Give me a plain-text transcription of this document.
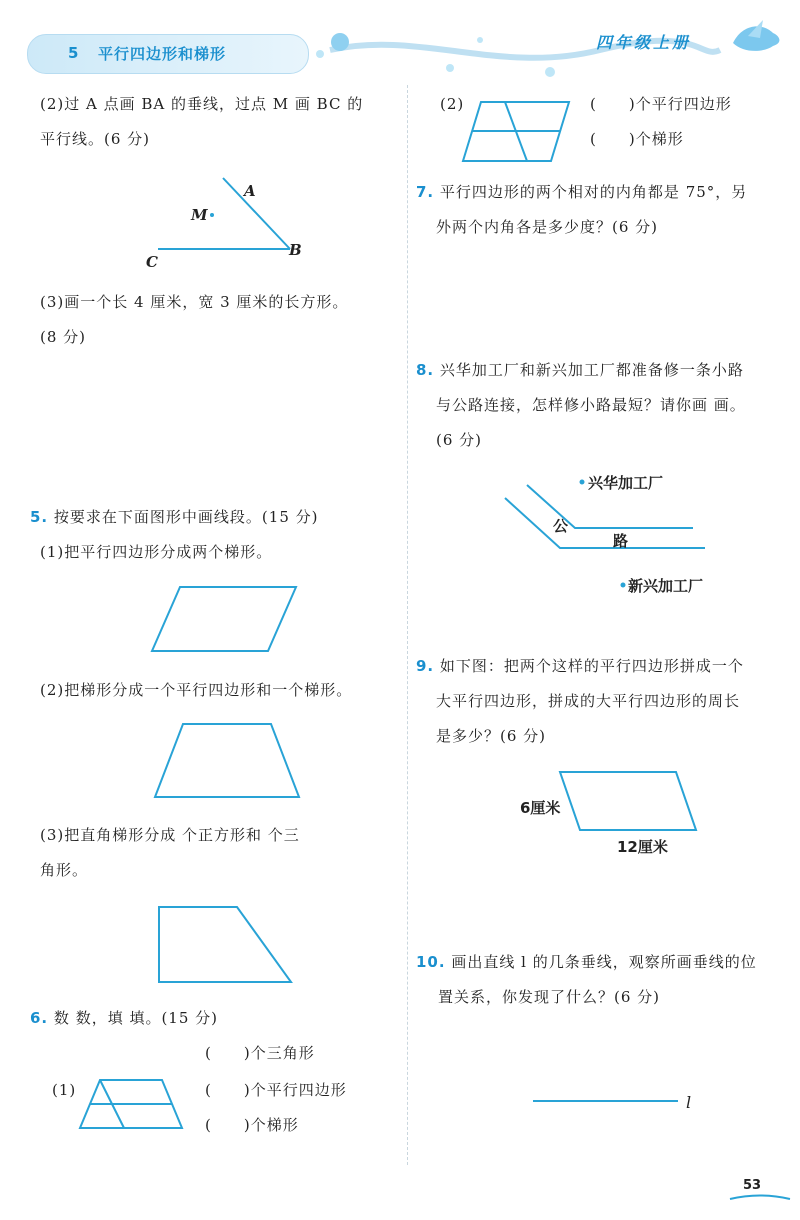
5 平行四边形和梯形
四年级上册
(2)过 A 点画 BA 的垂线，过点 M 画 BC 的
平行线。(6 分)
A
M
B
C
(3)画一个长 4 厘米，宽 3 厘米的长方形。
(8 分)
5. 按要求在下面图形中画线段。(15 分)
(1)把平行四边形分成两个梯形。
(2)把梯形分成一个平行四边形和一个梯形。
(3)把直角梯形分成 个正方形和 个三
角形。
6. 数 数，填 填。(15 分)
(　　)个三角形
(1)	(　　)个平行四边形
(　　)个梯形
(2)	(　　)个平行四边形
(　　)个梯形
7. 平行四边形的两个相对的内角都是 75°，另
外两个内角各是多少度？(6 分)
8. 兴华加工厂和新兴加工厂都准备修一条小路
与公路连接，怎样修小路最短？请你画 画。
(6 分)
兴华加工厂
公
路
新兴加工厂
9. 如下图：把两个这样的平行四边形拼成一个
大平行四边形，拼成的大平行四边形的周长
是多少？(6 分)
6厘米
12厘米
10. 画出直线 l 的几条垂线，观察所画垂线的位
置关系，你发现了什么？(6 分)
l
53
